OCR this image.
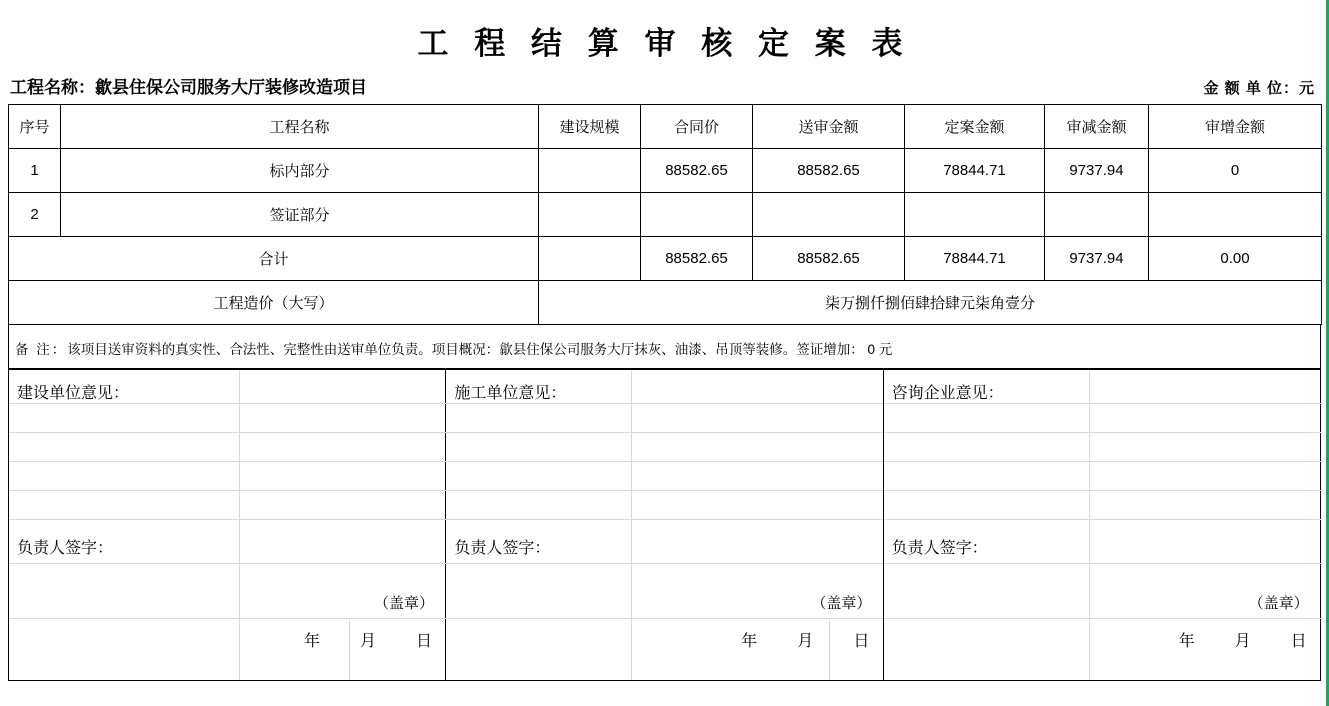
工 程 结 算 审 核 定 案 表
工程名称：歙县住保公司服务大厅装修改造项目	金 额 单 位：元
序号	工程名称	建设规模	合同价	送审金额	定案金额	审减金额	审增金额
1	标内部分		88582.65	88582.65	78844.71	9737.94	0
2	签证部分						
合计			88582.65	88582.65	78844.71	9737.94	0.00
工程造价（大写）		柒万捌仟捌佰肆拾肆元柒角壹分					
备 注：该项目送审资料的真实性、合法性、完整性由送审单位负责。项目概况：歙县住保公司服务大厅抹灰、油漆、吊顶等装修。签证增加： 0 元
建设单位意见：
负责人签字：
（盖章）
年	月	日

施工单位意见：
负责人签字：
（盖章）
年	月	日

咨询企业意见：
负责人签字：
（盖章）
年	月	日
